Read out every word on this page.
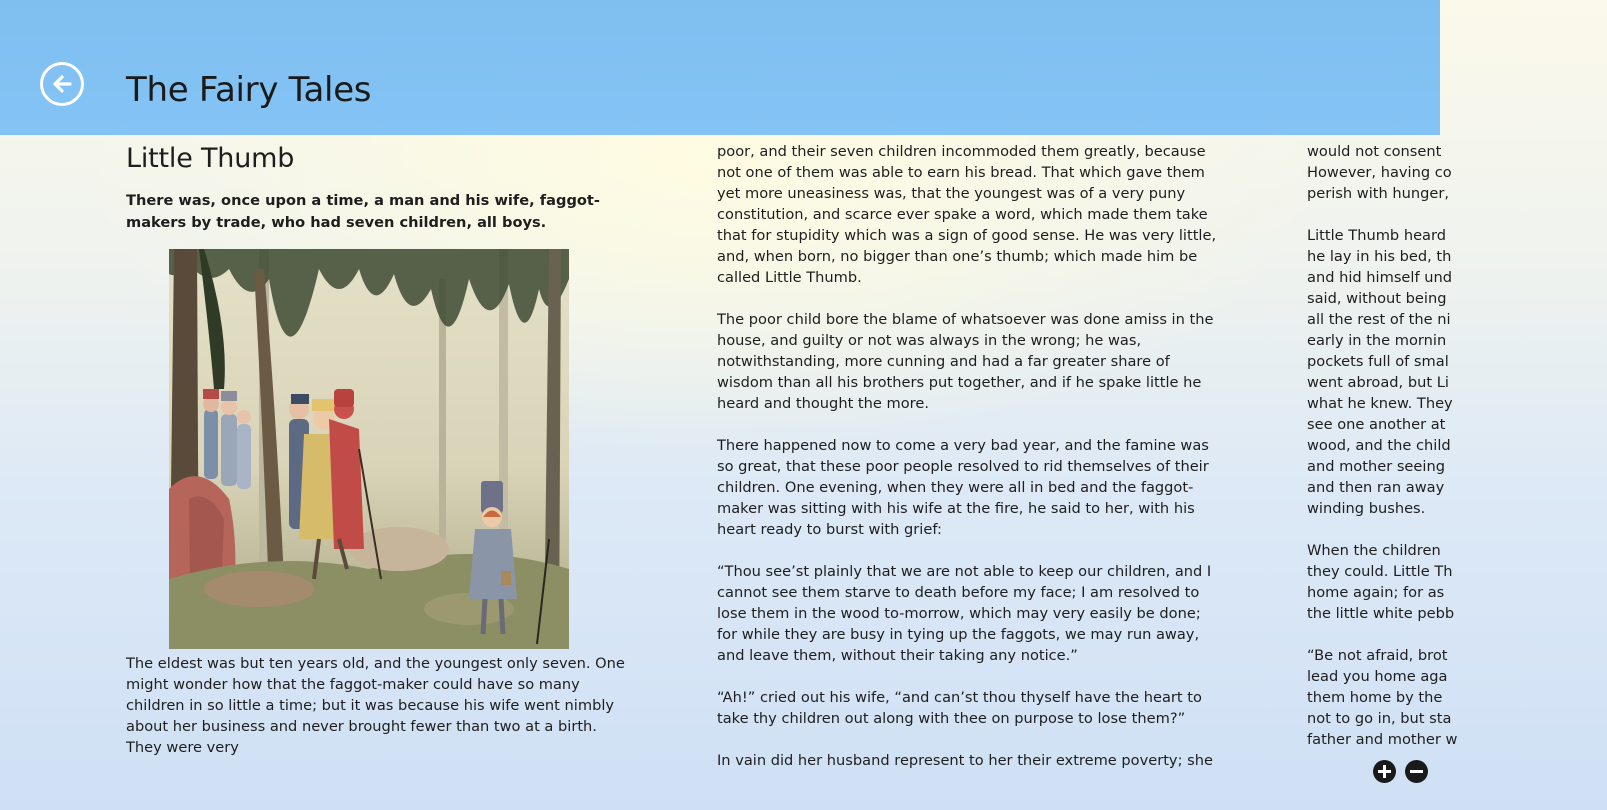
The Fairy Tales
Little Thumb

There was, once upon a time, a man and his wife, faggot-makers by trade, who had seven children, all boys.

The eldest was but ten years old, and the youngest only seven. One might wonder how that the faggot-maker could have so many children in so little a time; but it was because his wife went nimbly about her business and never brought fewer than two at a birth. They were very

poor, and their seven children incommoded them greatly, because not one of them was able to earn his bread. That which gave them yet more uneasiness was, that the youngest was of a very puny constitution, and scarce ever spake a word, which made them take that for stupidity which was a sign of good sense. He was very little, and, when born, no bigger than one’s thumb; which made him be called Little Thumb.

The poor child bore the blame of whatsoever was done amiss in the house, and guilty or not was always in the wrong; he was, notwithstanding, more cunning and had a far greater share of wisdom than all his brothers put together, and if he spake little he heard and thought the more.

There happened now to come a very bad year, and the famine was so great, that these poor people resolved to rid themselves of their children. One evening, when they were all in bed and the faggot-maker was sitting with his wife at the fire, he said to her, with his heart ready to burst with grief:

“Thou see’st plainly that we are not able to keep our children, and I cannot see them starve to death before my face; I am resolved to lose them in the wood to-morrow, which may very easily be done; for while they are busy in tying up the faggots, we may run away, and leave them, without their taking any notice.”

“Ah!” cried out his wife, “and can’st thou thyself have the heart to take thy children out along with thee on purpose to lose them?”

In vain did her husband represent to her their extreme poverty; she

would not consent
However, having co
perish with hunger,

Little Thumb heard
he lay in his bed, th
and hid himself und
said, without being
all the rest of the ni
early in the mornin
pockets full of smal
went abroad, but Li
what he knew. They
see one another at
wood, and the child
and mother seeing
and then ran away
winding bushes.

When the children
they could. Little Th
home again; for as
the little white pebb

“Be not afraid, brot
lead you home aga
them home by the
not to go in, but sta
father and mother w
